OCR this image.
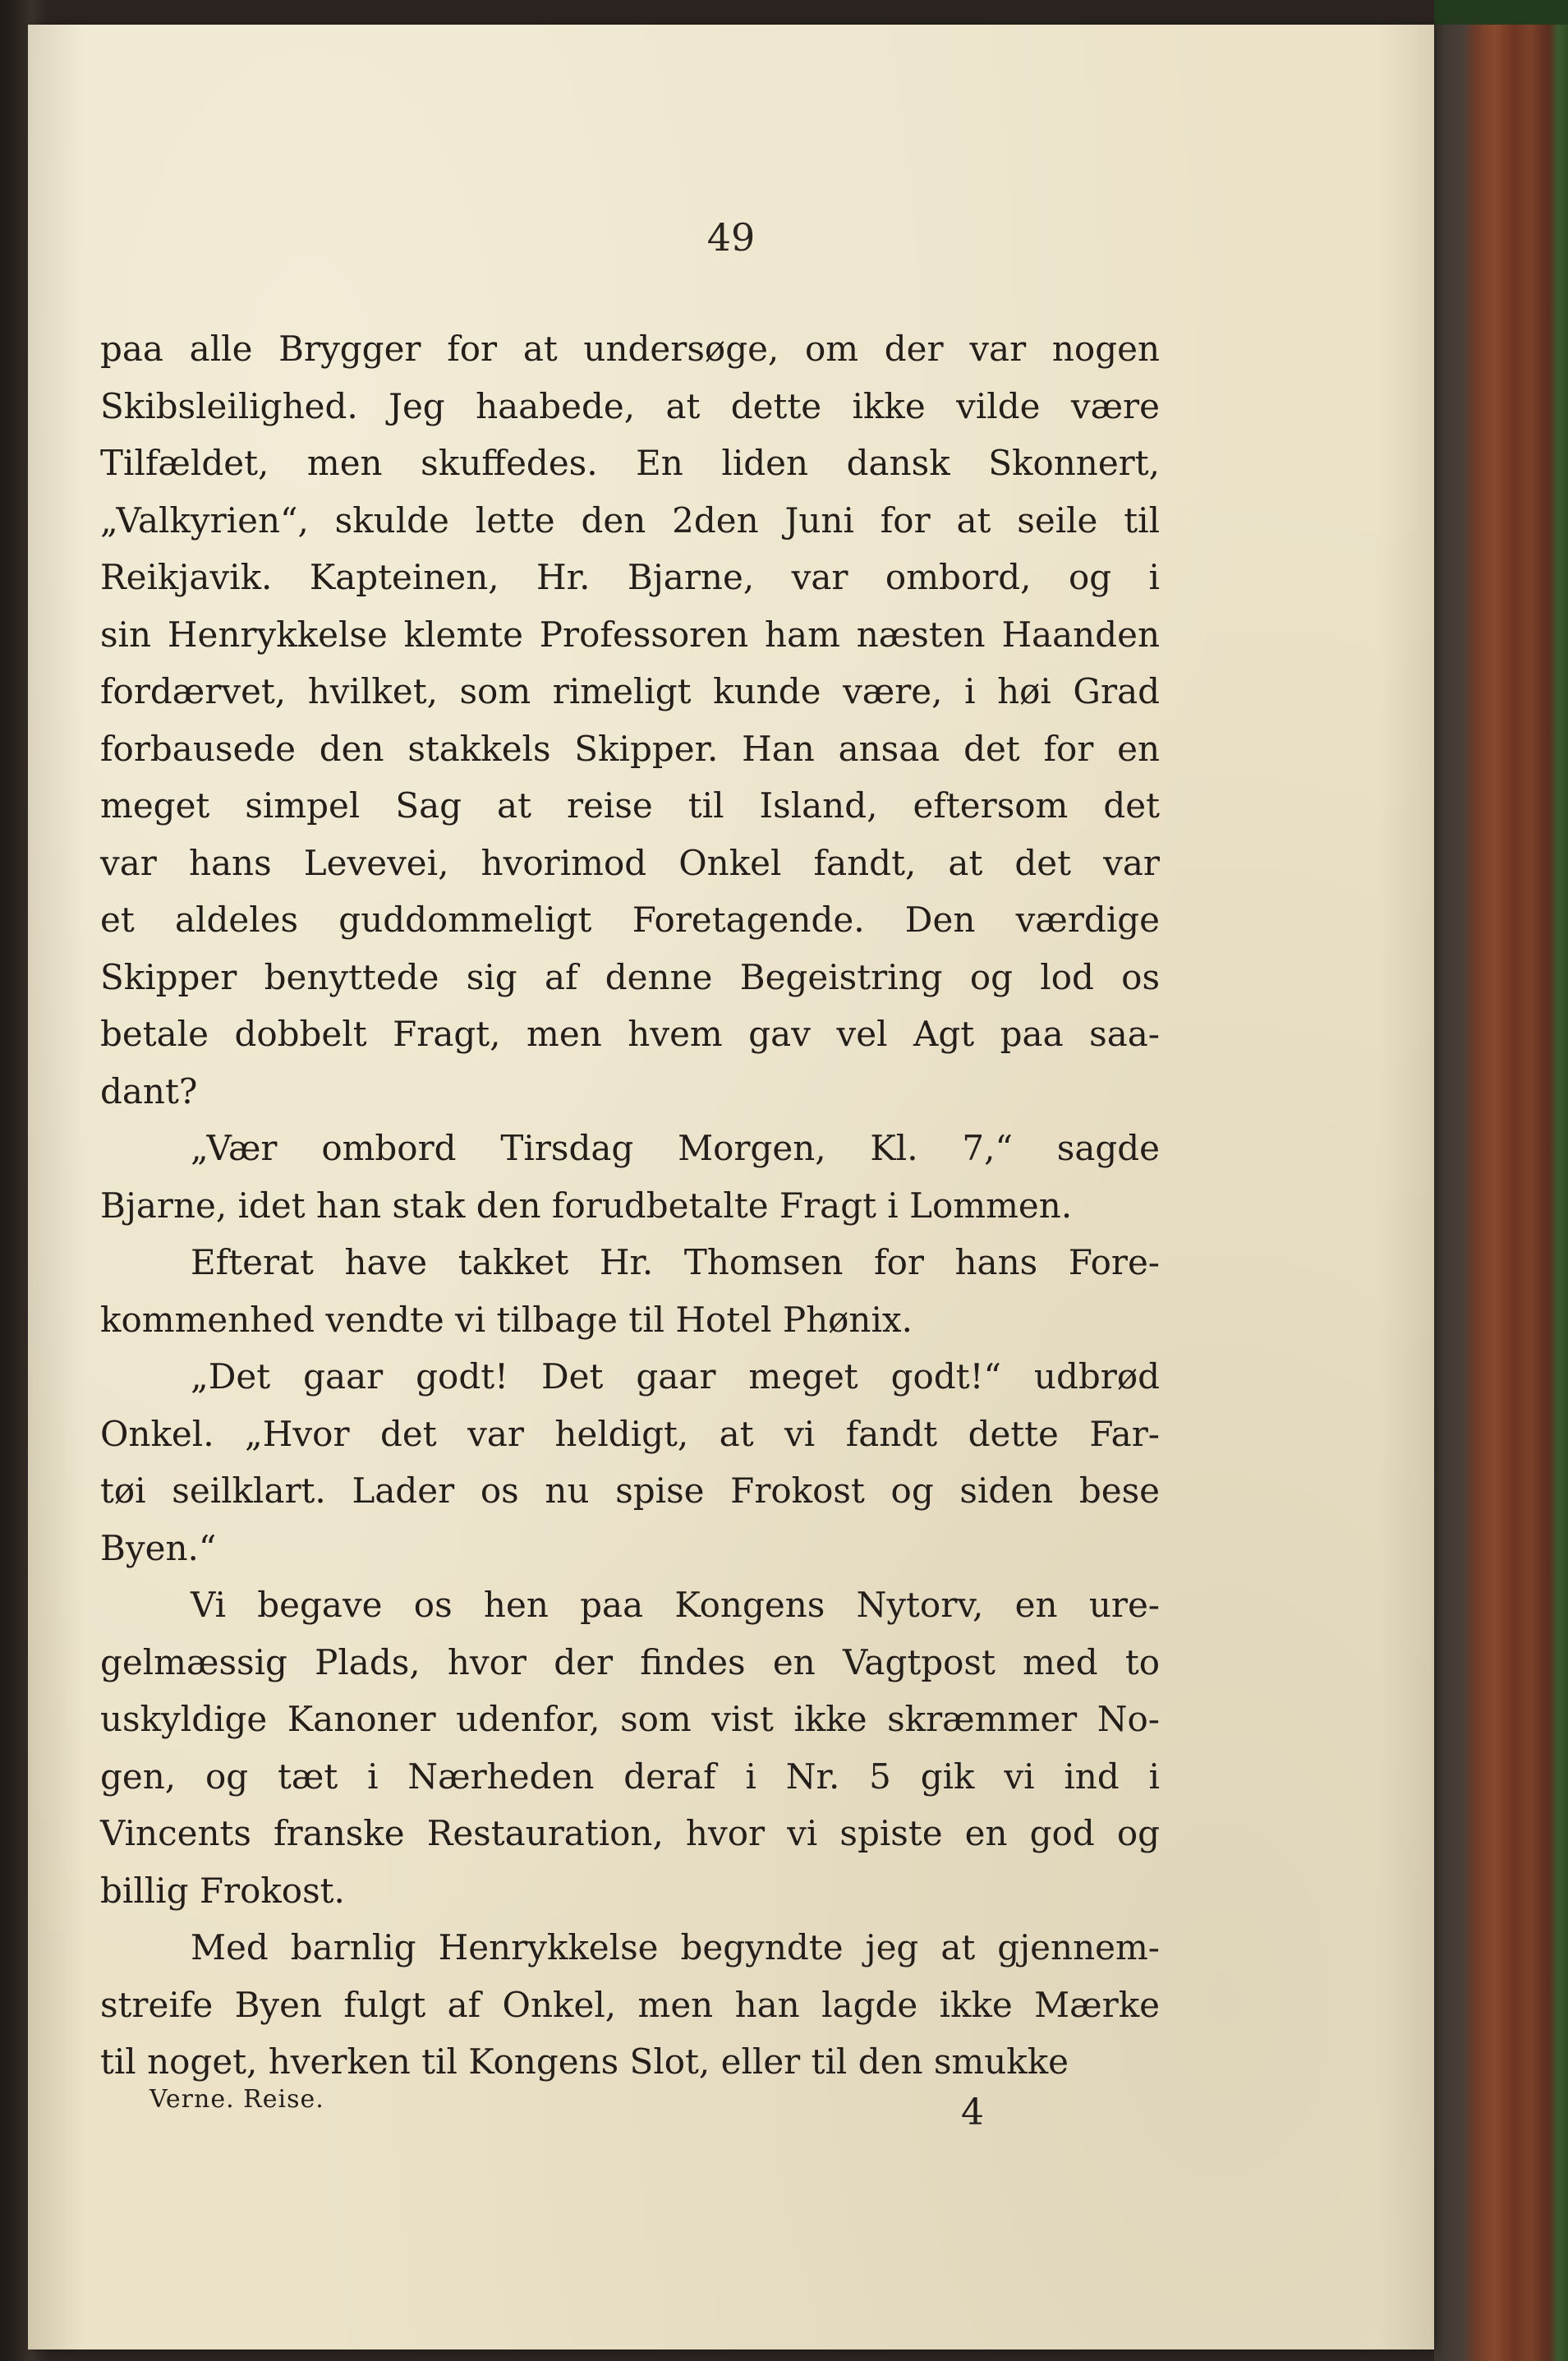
49

paa alle Brygger for at undersøge, om der var nogen
Skibsleilighed. Jeg haabede, at dette ikke vilde være
Tilfældet, men skuffedes. En liden dansk Skonnert,
„Valkyrien“, skulde lette den 2den Juni for at seile til
Reikjavik. Kapteinen, Hr. Bjarne, var ombord, og i
sin Henrykkelse klemte Professoren ham næsten Haanden
fordærvet, hvilket, som rimeligt kunde være, i høi Grad
forbausede den stakkels Skipper. Han ansaa det for en
meget simpel Sag at reise til Island, eftersom det
var hans Levevei, hvorimod Onkel fandt, at det var
et aldeles guddommeligt Foretagende. Den værdige
Skipper benyttede sig af denne Begeistring og lod os
betale dobbelt Fragt, men hvem gav vel Agt paa saa-
dant?

„Vær ombord Tirsdag Morgen, Kl. 7,“ sagde
Bjarne, idet han stak den forudbetalte Fragt i Lommen.

Efterat have takket Hr. Thomsen for hans Fore-
kommenhed vendte vi tilbage til Hotel Phønix.

„Det gaar godt! Det gaar meget godt!“ udbrød
Onkel. „Hvor det var heldigt, at vi fandt dette Far-
tøi seilklart. Lader os nu spise Frokost og siden bese
Byen.“

Vi begave os hen paa Kongens Nytorv, en ure-
gelmæssig Plads, hvor der findes en Vagtpost med to
uskyldige Kanoner udenfor, som vist ikke skræmmer No-
gen, og tæt i Nærheden deraf i Nr. 5 gik vi ind i
Vincents franske Restauration, hvor vi spiste en god og
billig Frokost.

Med barnlig Henrykkelse begyndte jeg at gjennem-
streife Byen fulgt af Onkel, men han lagde ikke Mærke
til noget, hverken til Kongens Slot, eller til den smukke

Verne. Reise.	4
